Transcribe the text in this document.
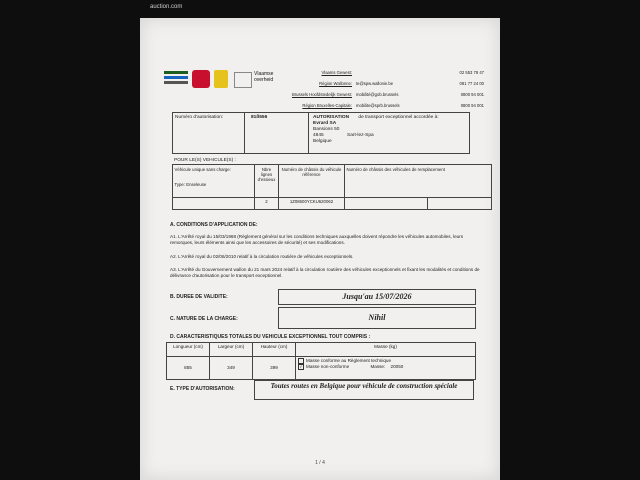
auction.com
Vlaamse overheid
Vlaams Gewest:	02 553 78 47
Région Wallonne: te@spw.wallonie.be	081 77 24 00
Brussels Hoofdstedelijk Gewest: mobilité@gob.brussels	0800 94 001
Région Bruxelles-Capitale: mobilite@sprb.brussels	0800 94 001
Numéro d'autorisation:	81ß556	AUTORISATION de transport exceptionnel accordée à:
Evrard SA
Bansions 50
4845	Sart-lez-Spa
Belgique
POUR LE(S) VEHICULE(S) :
Véhicule unique sans charge:
Type: Enseleuse	Nbre lignes d'essieux	Numéro de châssis du véhicule référence	Numéro de châssis des véhicules de remplacement	
	2	1Z08600YCKU620062		
A. CONDITIONS D'APPLICATION DE:
A1. L'Arrêté royal du 15/03/1968 (Règlement général sur les conditions techniques auxquelles doivent répondre les véhicules automobiles, leurs remorques, leurs éléments ainsi que les accessoires de sécurité) et ses modifications.
A2. L'Arrêté royal du 02/06/2010 relatif à la circulation routière de véhicules exceptionnels.
A3. L'Arrêté du Gouvernement wallon du 21 mars 2024 relatif à la circulation routière des véhicules exceptionnels et fixant les modalités et conditions de délivrance d'autorisation pour le transport exceptionnel.
B. DUREE DE VALIDITE:	Jusqu'au 15/07/2026
C. NATURE DE LA CHARGE:	Nihil
D. CARACTERISTIQUES TOTALES DU VEHICULE EXCEPTIONNEL TOUT COMPRIS :
Longueur (cm)	Largeur (cm)	Hauteur (cm)	Masse (kg)
855	349	399	Masse conforme au Règlement technique
✓ Masse non-conforme Masse: 20050
E. TYPE D'AUTORISATION:	Toutes routes en Belgique pour véhicule de construction spéciale
1 / 4
